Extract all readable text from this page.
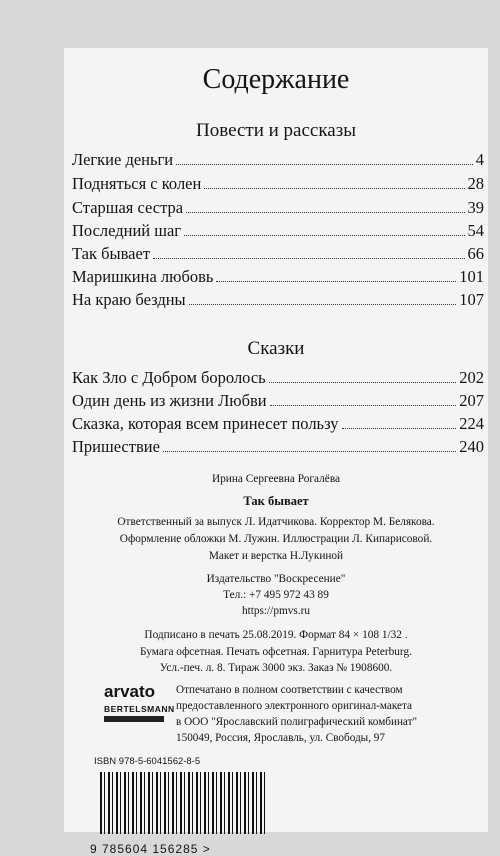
Содержание
Повести и рассказы
Легкие деньги	4
Подняться с колен	28
Старшая сестра	39
Последний шаг	54
Так бывает	66
Маришкина любовь	101
На краю бездны	107
Сказки
Как Зло с Добром боролось	202
Один день из жизни Любви	207
Сказка, которая всем принесет пользу	224
Пришествие	240
Ирина Сергеевна Рогалёва
Так бывает
Ответственный за выпуск Л. Идатчикова. Корректор М. Белякова.
Оформление обложки М. Лужин. Иллюстрации Л. Кипарисовой.
Макет и верстка Н.Лукиной
Издательство "Воскресение"
Тел.: +7 495 972 43 89
https://pmvs.ru
Подписано в печать 25.08.2019. Формат 84 × 108 1/32 .
Бумага офсетная. Печать офсетная. Гарнитура Peterburg.
Усл.-печ. л. 8. Тираж 3000 экз. Заказ № 1908600.
arvato
BERTELSMANN
Отпечатано в полном соответствии с качеством
предоставленного электронного оригинал-макета
в ООО "Ярославский полиграфический комбинат"
150049, Россия, Ярославль, ул. Свободы, 97
ISBN 978-5-6041562-8-5
9 785604 156285 >
